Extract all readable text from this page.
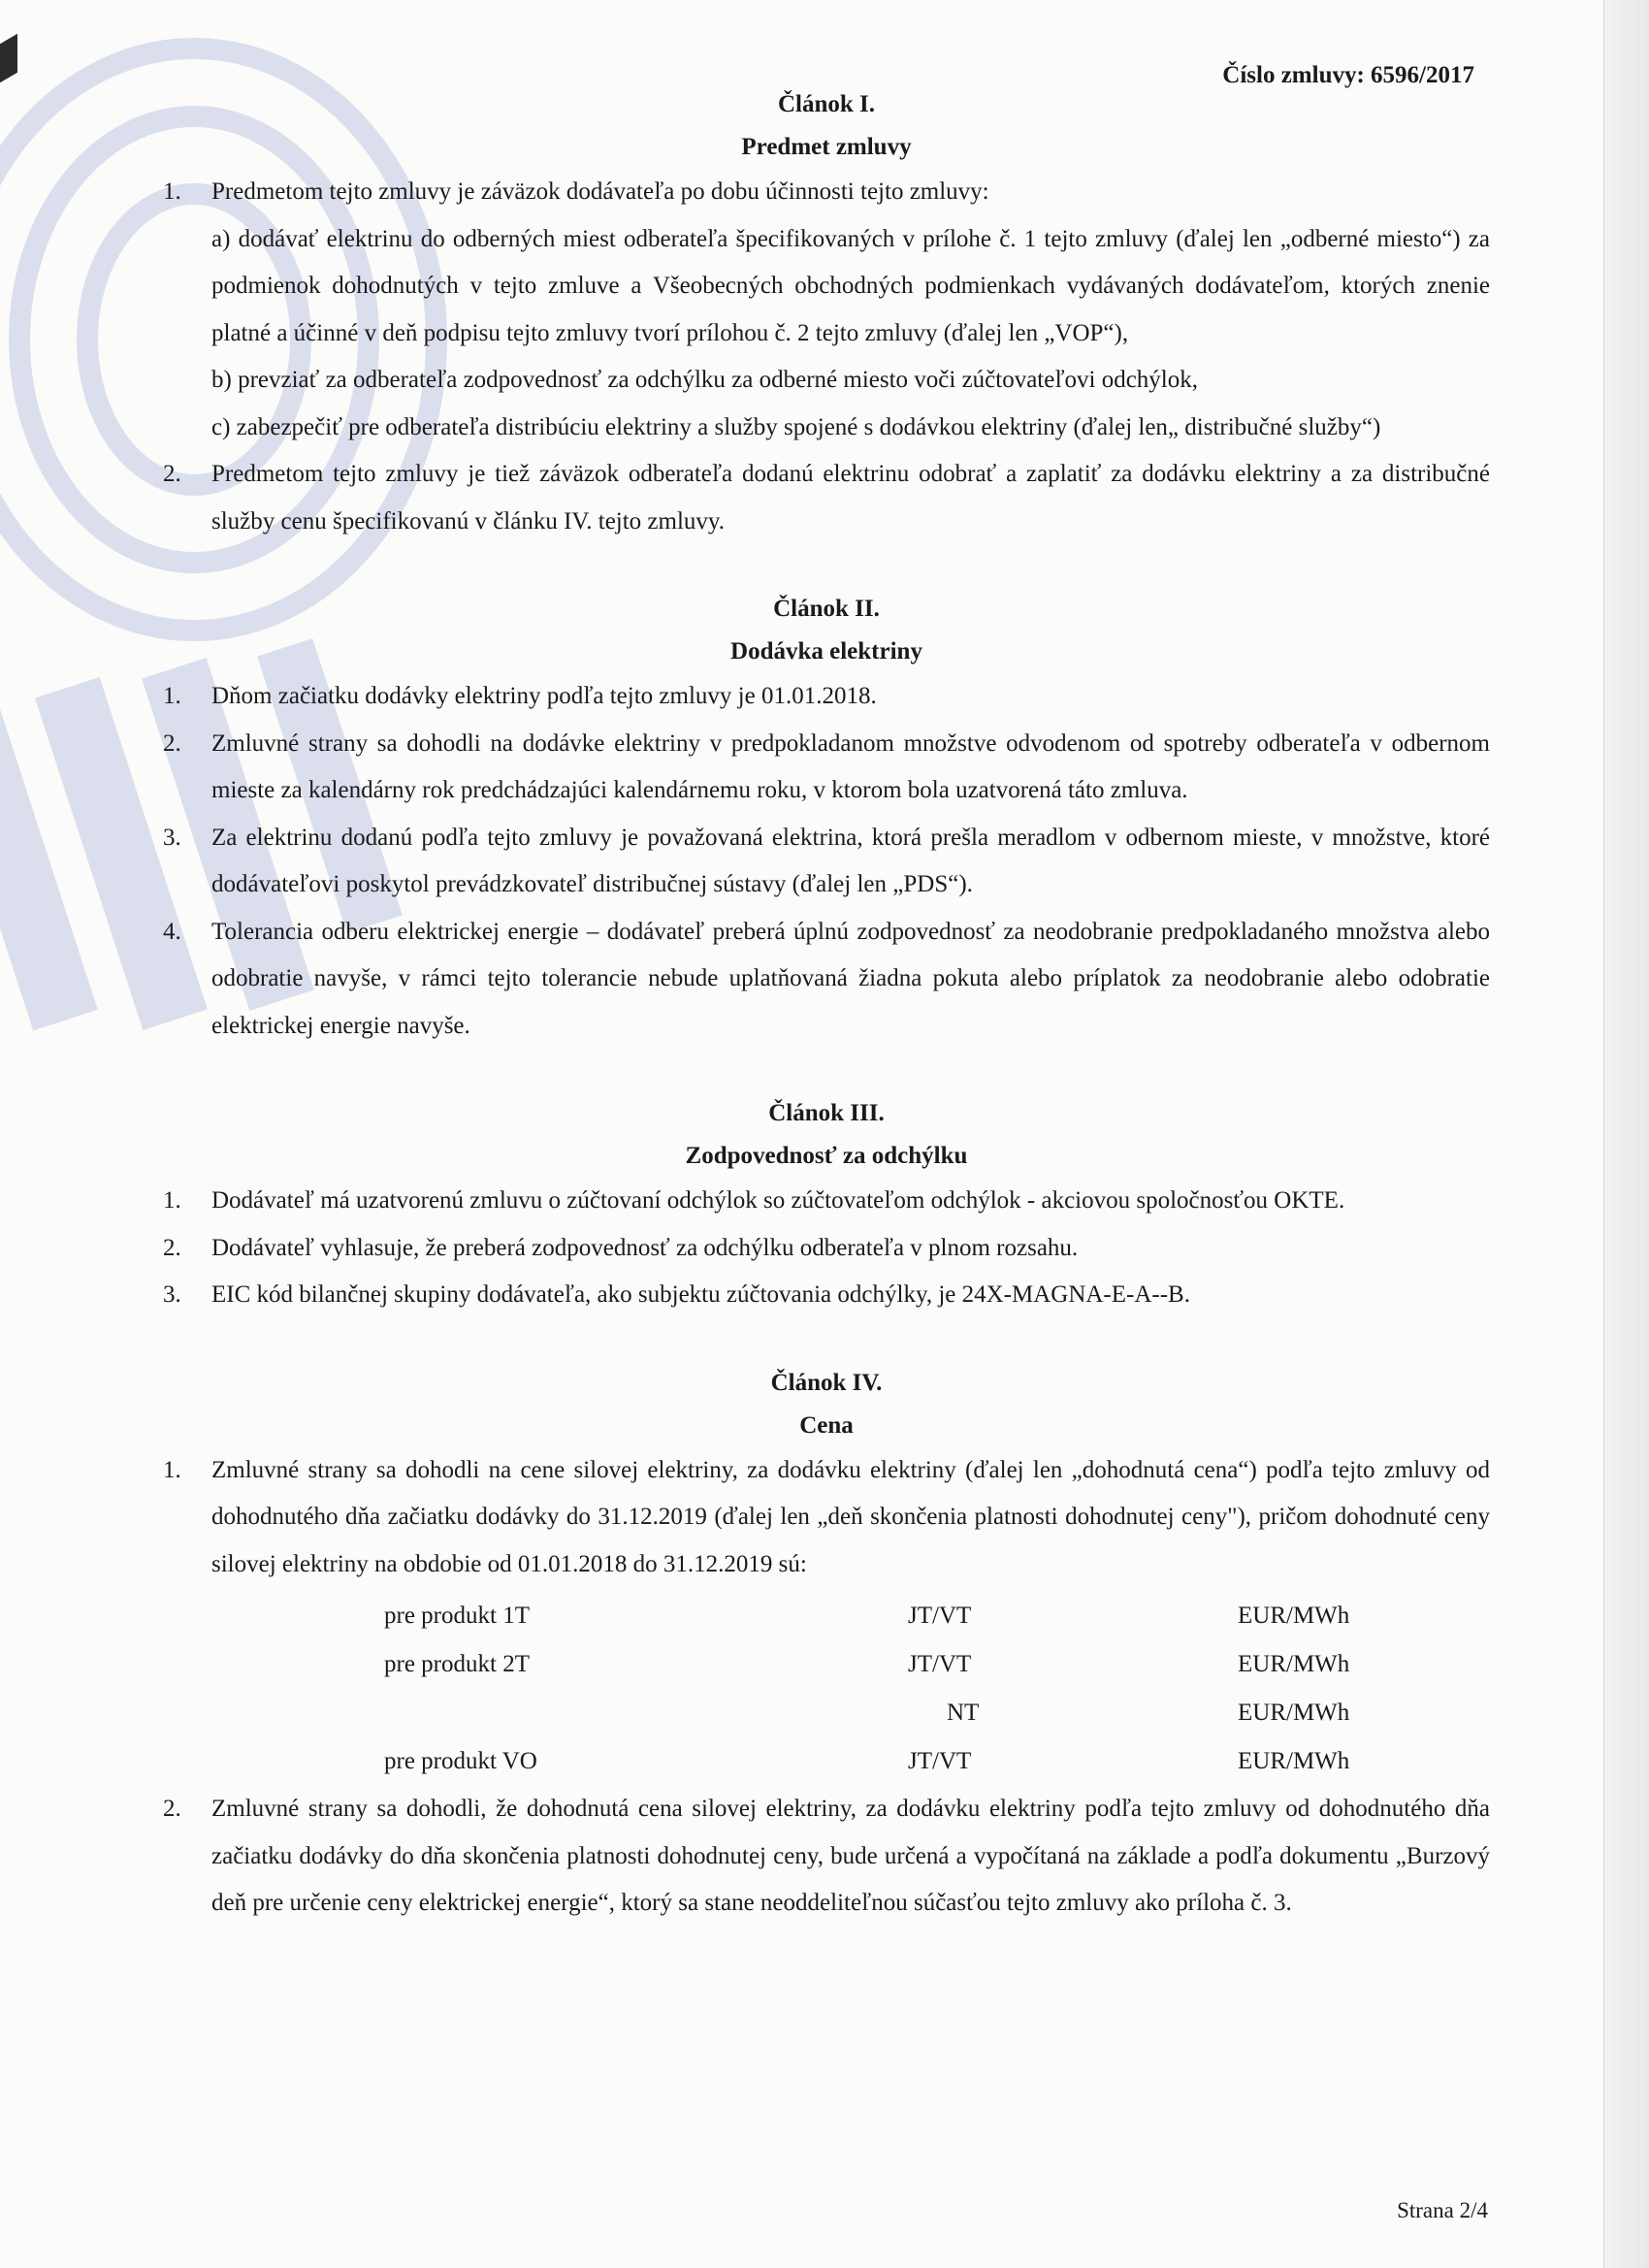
Číslo zmluvy: 6596/2017
Článok I.
Predmet zmluvy
1. Predmetom tejto zmluvy je záväzok dodávateľa po dobu účinnosti tejto zmluvy:
a) dodávať elektrinu do odberných miest odberateľa špecifikovaných v prílohe č. 1 tejto zmluvy (ďalej len „odberné miesto“) za podmienok dohodnutých v tejto zmluve a Všeobecných obchodných podmienkach vydávaných dodávateľom, ktorých znenie platné a účinné v deň podpisu tejto zmluvy tvorí prílohou č. 2 tejto zmluvy (ďalej len „VOP“),
b) prevziať za odberateľa zodpovednosť za odchýlku za odberné miesto voči zúčtovateľovi odchýlok,
c) zabezpečiť pre odberateľa distribúciu elektriny a služby spojené s dodávkou elektriny (ďalej len„ distribučné služby“)
2. Predmetom tejto zmluvy je tiež záväzok odberateľa dodanú elektrinu odobrať a zaplatiť za dodávku elektriny a za distribučné služby cenu špecifikovanú v článku IV. tejto zmluvy.
Článok II.
Dodávka elektriny
1. Dňom začiatku dodávky elektriny podľa tejto zmluvy je 01.01.2018.
2. Zmluvné strany sa dohodli na dodávke elektriny v predpokladanom množstve odvodenom od spotreby odberateľa v odbernom mieste za kalendárny rok predchádzajúci kalendárnemu roku, v ktorom bola uzatvorená táto zmluva.
3. Za elektrinu dodanú podľa tejto zmluvy je považovaná elektrina, ktorá prešla meradlom v odbernom mieste, v množstve, ktoré dodávateľovi poskytol prevádzkovateľ distribučnej sústavy (ďalej len „PDS“).
4. Tolerancia odberu elektrickej energie – dodávateľ preberá úplnú zodpovednosť za neodobranie predpokladaného množstva alebo odobratie navyše, v rámci tejto tolerancie nebude uplatňovaná žiadna pokuta alebo príplatok za neodobranie alebo odobratie elektrickej energie navyše.
Článok III.
Zodpovednosť za odchýlku
1. Dodávateľ má uzatvorenú zmluvu o zúčtovaní odchýlok so zúčtovateľom odchýlok - akciovou spoločnosťou OKTE.
2. Dodávateľ vyhlasuje, že preberá zodpovednosť za odchýlku odberateľa v plnom rozsahu.
3. EIC kód bilančnej skupiny dodávateľa, ako subjektu zúčtovania odchýlky, je 24X-MAGNA-E-A--B.
Článok IV.
Cena
1. Zmluvné strany sa dohodli na cene silovej elektriny, za dodávku elektriny (ďalej len „dohodnutá cena“) podľa tejto zmluvy od dohodnutého dňa začiatku dodávky do 31.12.2019 (ďalej len „deň skončenia platnosti dohodnutej ceny"), pričom dohodnuté ceny silovej elektriny na obdobie od 01.01.2018 do 31.12.2019 sú:
pre produkt 1T	JT/VT	EUR/MWh
pre produkt 2T	JT/VT	EUR/MWh
	NT	EUR/MWh
pre produkt VO	JT/VT	EUR/MWh
2. Zmluvné strany sa dohodli, že dohodnutá cena silovej elektriny, za dodávku elektriny podľa tejto zmluvy od dohodnutého dňa začiatku dodávky do dňa skončenia platnosti dohodnutej ceny, bude určená a vypočítaná na základe a podľa dokumentu „Burzový deň pre určenie ceny elektrickej energie“, ktorý sa stane neoddeliteľnou súčasťou tejto zmluvy ako príloha č. 3.
Strana 2/4
